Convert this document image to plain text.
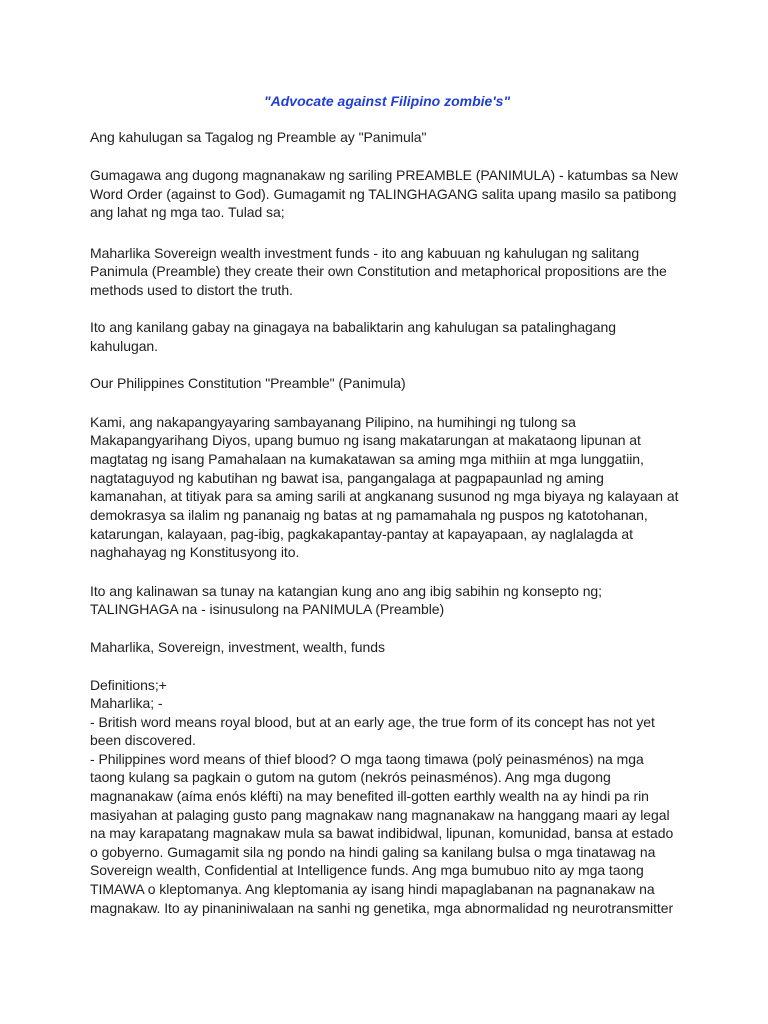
"Advocate against Filipino zombie's"
Ang kahulugan sa Tagalog ng Preamble ay "Panimula"
Gumagawa ang dugong magnanakaw ng sariling PREAMBLE (PANIMULA) - katumbas sa New
Word Order (against to God). Gumagamit ng TALINGHAGANG salita upang masilo sa patibong
ang lahat ng mga tao. Tulad sa;
Maharlika Sovereign wealth investment funds - ito ang kabuuan ng kahulugan ng salitang
Panimula (Preamble) they create their own Constitution and metaphorical propositions are the
methods used to distort the truth.
Ito ang kanilang gabay na ginagaya na babaliktarin ang kahulugan sa patalinghagang
kahulugan.
Our Philippines Constitution "Preamble" (Panimula)
Kami, ang nakapangyayaring sambayanang Pilipino, na humihingi ng tulong sa
Makapangyarihang Diyos, upang bumuo ng isang makatarungan at makataong lipunan at
magtatag ng isang Pamahalaan na kumakatawan sa aming mga mithiin at mga lunggatiin,
nagtataguyod ng kabutihan ng bawat isa, pangangalaga at pagpapaunlad ng aming
kamanahan, at titiyak para sa aming sarili at angkanang susunod ng mga biyaya ng kalayaan at
demokrasya sa ilalim ng pananaig ng batas at ng pamamahala ng puspos ng katotohanan,
katarungan, kalayaan, pag-ibig, pagkakapantay-pantay at kapayapaan, ay naglalagda at
naghahayag ng Konstitusyong ito.
Ito ang kalinawan sa tunay na katangian kung ano ang ibig sabihin ng konsepto ng;
TALINGHAGA na - isinusulong na PANIMULA (Preamble)
Maharlika, Sovereign, investment, wealth, funds
Definitions;+
Maharlika; -
- British word means royal blood, but at an early age, the true form of its concept has not yet
been discovered.
- Philippines word means of thief blood? O mga taong timawa (polý peinasménos) na mga
taong kulang sa pagkain o gutom na gutom (nekrós peinasménos). Ang mga dugong
magnanakaw (aíma enós kléfti) na may benefited ill-gotten earthly wealth na ay hindi pa rin
masiyahan at palaging gusto pang magnakaw nang magnanakaw na hanggang maari ay legal
na may karapatang magnakaw mula sa bawat indibidwal, lipunan, komunidad, bansa at estado
o gobyerno. Gumagamit sila ng pondo na hindi galing sa kanilang bulsa o mga tinatawag na
Sovereign wealth, Confidential at Intelligence funds. Ang mga bumubuo nito ay mga taong
TIMAWA o kleptomanya. Ang kleptomania ay isang hindi mapaglabanan na pagnanakaw na
magnakaw. Ito ay pinaniniwalaan na sanhi ng genetika, mga abnormalidad ng neurotransmitter
